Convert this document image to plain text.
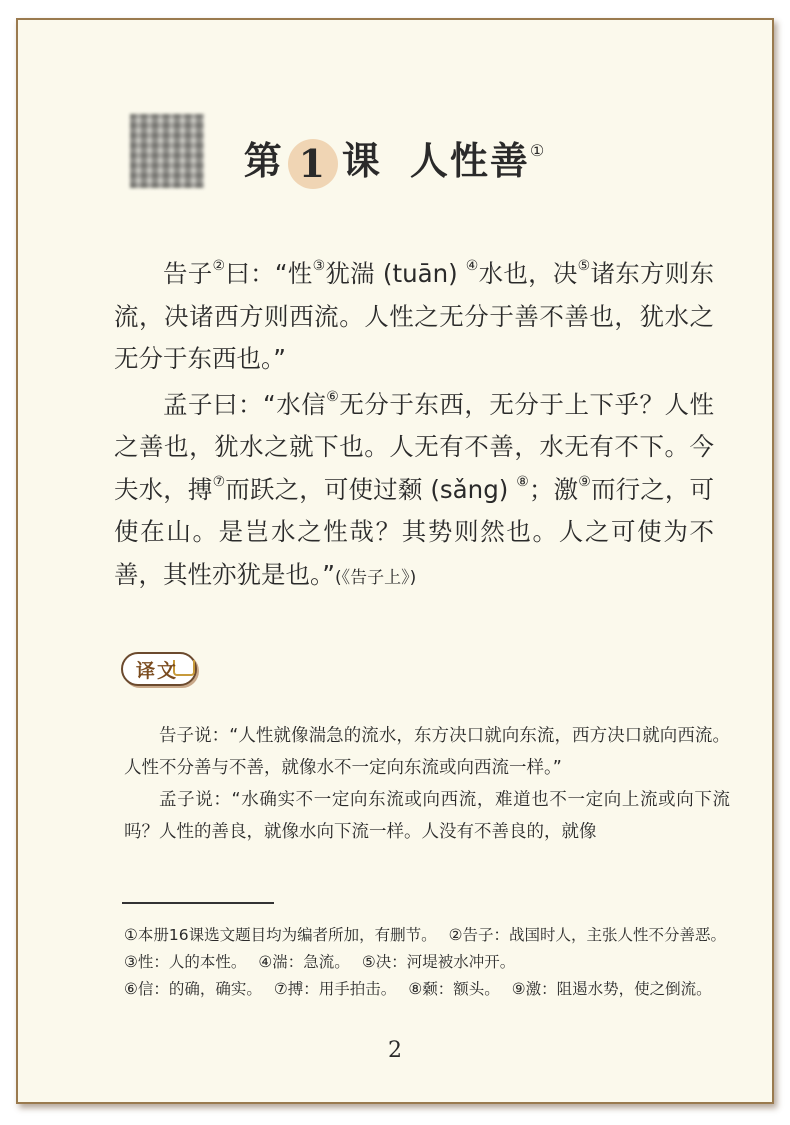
第 1 课 人性善①

告子②曰：“性③犹湍 (tuān) ④水也，决⑤诸东方则东流，决诸西方则西流。人性之无分于善不善也，犹水之无分于东西也。”

孟子曰：“水信⑥无分于东西，无分于上下乎？人性之善也，犹水之就下也。人无有不善，水无有不下。今夫水，搏⑦而跃之，可使过颡 (sǎng) ⑧；激⑨而行之，可使在山。是岂水之性哉？其势则然也。人之可使为不善，其性亦犹是也。”(《告子上》)

译文

告子说：“人性就像湍急的流水，东方决口就向东流，西方决口就向西流。人性不分善与不善，就像水不一定向东流或向西流一样。”

孟子说：“水确实不一定向东流或向西流，难道也不一定向上流或向下流吗？人性的善良，就像水向下流一样。人没有不善良的，就像

①本册16课选文题目均为编者所加，有删节。 ②告子：战国时人，主张人性不分善恶。
③性：人的本性。 ④湍：急流。 ⑤决：河堤被水冲开。
⑥信：的确，确实。 ⑦搏：用手拍击。 ⑧颡：额头。 ⑨激：阻遏水势，使之倒流。
2
